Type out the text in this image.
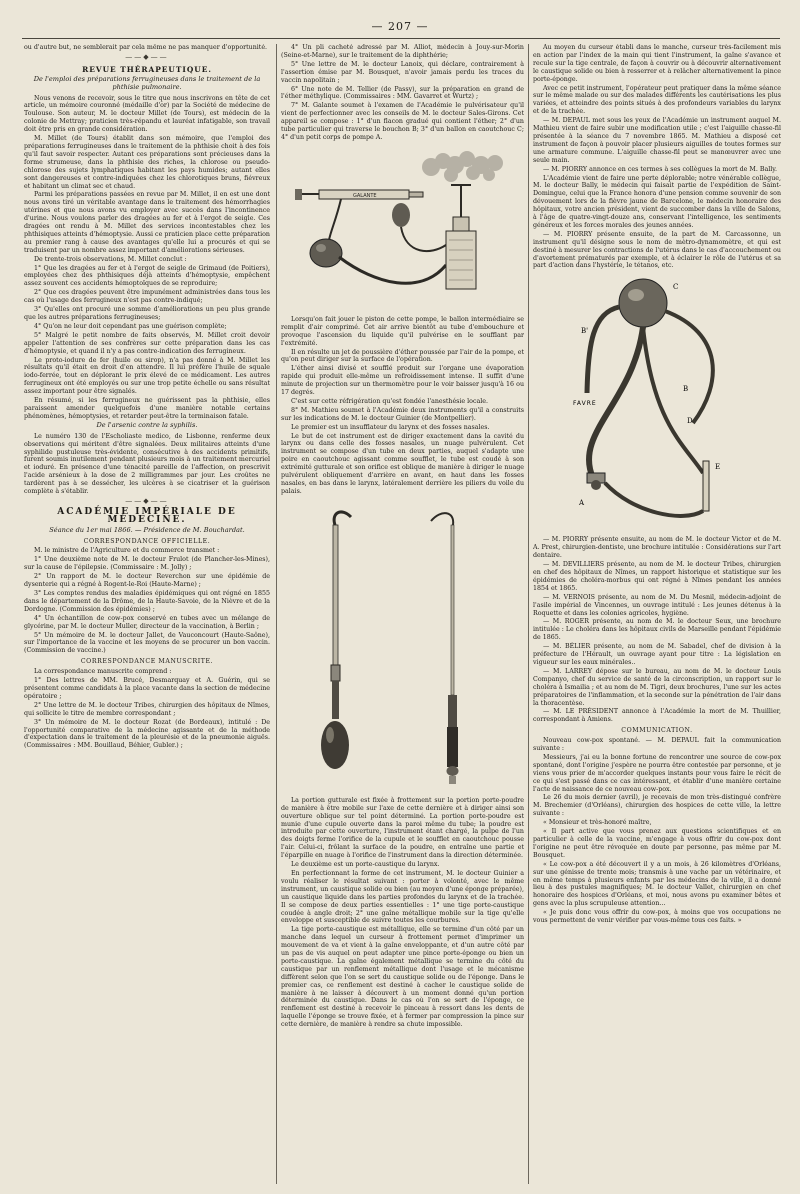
— 207 —

ou d'autre but, ne semblerait par cela même ne pas manquer d'opportunité.

——◆——
REVUE THÉRAPEUTIQUE.
De l'emploi des préparations ferrugineuses dans le traitement de la phthisie pulmonaire.

Nous venons de recevoir, sous le titre que nous inscrivons en tête de cet article, un mémoire couronné (médaille d'or) par la Société de médecine de Toulouse. Son auteur, M. le docteur Millet (de Tours), est médecin de la colonie de Mettray; praticien très-répandu et lauréat infatigable, son travail doit être pris en grande considération.

M. Millet (de Tours) établit dans son mémoire, que l'emploi des préparations ferrugineuses dans le traitement de la phthisie choit à des fois qu'il faut savoir respecter. Autant ces préparations sont précieuses dans la forme strumeuse, dans la phthisie des riches, la chlorose ou pseudo-chlorose des sujets lymphatiques habitant les pays humides; autant elles sont dangereuses et contre-indiquées chez les chlorotiques bruns, fiévreux et habitant un climat sec et chaud.

Parmi les préparations passées en revue par M. Millet, il en est une dont nous avons tiré un véritable avantage dans le traitement des hémorrhagies utérines et que nous avons vu employer avec succès dans l'incontinence d'urine. Nous voulons parler des dragées au fer et à l'ergot de seigle. Ces dragées ont rendu à M. Millet des services incontestables chez les phthisiques atteints d'hémoptysie. Aussi ce praticien place cette préparation au premier rang à cause des avantages qu'elle lui a procurés et qui se traduisent par un nombre assez important d'améliorations sérieuses.

De trente-trois observations, M. Millet conclut :

1° Que les dragées au fer et à l'ergot de seigle de Grimaud (de Poitiers), employées chez des phthisiques déjà atteints d'hémoptysie, empêchent assez souvent ces accidents hémoptoïques de se reproduire;

2° Que ces dragées peuvent être impunément administrées dans tous les cas où l'usage des ferrugineux n'est pas contre-indiqué;

3° Qu'elles ont procuré une somme d'améliorations un peu plus grande que les autres préparations ferrugineuses;

4° Qu'on ne leur doit cependant pas une guérison complète;

5° Malgré le petit nombre de faits observés, M. Millet croit devoir appeler l'attention de ses confrères sur cette préparation dans les cas d'hémoptysie, et quand il n'y a pas contre-indication des ferrugineux.

Le proto-iodure de fer (huile ou sirop), n'a pas donné à M. Millet les résultats qu'il était en droit d'en attendre. Il lui préfère l'huile de squale iodo-ferrée, tout en déplorant le prix élevé de ce médicament. Les autres ferrugineux ont été employés ou sur une trop petite échelle ou sans résultat assez important pour être signalés.

En résumé, si les ferrugineux ne guérissent pas la phthisie, elles paraissent amender quelquefois d'une manière notable certains phénomènes, hémoptysies, et retarder peut-être la terminaison fatale.

De l'arsenic contre la syphilis.

Le numéro 130 de l'Escholiaste medico, de Lisbonne, renferme deux observations qui méritent d'être signalées. Deux militaires atteints d'une syphilide pustuleuse très-évidente, consécutive à des accidents primitifs, furent soumis inutilement pendant plusieurs mois à un traitement mercuriel et ioduré. En présence d'une ténacité pareille de l'affection, on prescrivit l'acide arsénieux à la dose de 2 milligrammes par jour. Les croûtes ne tardèrent pas à se dessécher, les ulcères à se cicatriser et la guérison complète à s'établir.

——◆——
ACADÉMIE IMPÉRIALE DE MÉDECINE.
Séance du 1er mai 1866. — Présidence de M. Bouchardat.
CORRESPONDANCE OFFICIELLE.

M. le ministre de l'Agriculture et du commerce transmet :

1° Une deuxième note de M. le docteur Frulot (de Plancher-les-Mines), sur la cause de l'épilepsie. (Commissaire : M. Jolly) ;

2° Un rapport de M. le docteur Reverchon sur une épidémie de dysenterie qui a régné à Rogent-le-Roi (Haute-Marne) ;

3° Les comptes rendus des maladies épidémiques qui ont régné en 1855 dans le département de la Drôme, de la Haute-Savoie, de la Nièvre et de la Dordogne. (Commission des épidémies) ;

4° Un échantillon de cow-pox conservé en tubes avec un mélange de glycérine, par M. le docteur Muller, directeur de la vaccination, à Berlin ;

5° Un mémoire de M. le docteur Jallet, de Vauconcourt (Haute-Saône), sur l'importance de la vaccine et les moyens de se procurer un bon vaccin. (Commission de vaccine.)

CORRESPONDANCE MANUSCRITE.

La correspondance manuscrite comprend :

1° Des lettres de MM. Brucé, Desmarquay et A. Guérin, qui se présentent comme candidats à la place vacante dans la section de médecine opératoire ;

2° Une lettre de M. le docteur Tribes, chirurgien des hôpitaux de Nîmes, qui sollicite le titre de membre correspondant ;

3° Un mémoire de M. le docteur Rozat (de Bordeaux), intitulé : De l'opportunité comparative de la médecine agissante et de la méthode d'expectation dans le traitement de la pleurésie et de la pneumonie aiguës. (Commissaires : MM. Bouillaud, Béhier, Gubler.) ;

4° Un pli cacheté adressé par M. Alliot, médecin à Jouy-sur-Morin (Seine-et-Marne), sur le traitement de la diphthérie;

5° Une lettre de M. le docteur Lanoix, qui déclare, contrairement à l'assertion émise par M. Bousquet, n'avoir jamais perdu les traces du vaccin napolitain ;

6° Une note de M. Tellier (de Passy), sur la préparation en grand de l'éther méthylique. (Commissaires : MM. Gavarret et Wurtz) ;

7° M. Galante soumet à l'examen de l'Académie le pulvérisateur qu'il vient de perfectionner avec les conseils de M. le docteur Sales-Girons. Cet appareil se compose : 1° d'un flacon gradué qui contient l'éther; 2° d'un tube particulier qui traverse le bouchon B; 3° d'un ballon en caoutchouc C; 4° d'un petit corps de pompe A.

GALANTE

Lorsqu'on fait jouer le piston de cette pompe, le ballon intermédiaire se remplit d'air comprimé. Cet air arrive bientôt au tube d'embouchure et provoque l'ascension du liquide qu'il pulvérise en le soufflant par l'extrémité.

Il en résulte un jet de poussière d'éther poussée par l'air de la pompe, et qu'on peut diriger sur la surface de l'opération.

L'éther ainsi divisé et soufflé produit sur l'organe une évaporation rapide qui produit elle-même un refroidissement intense. Il suffit d'une minute de projection sur un thermomètre pour le voir baisser jusqu'à 16 ou 17 degrés.

C'est sur cette réfrigération qu'est fondée l'anesthésie locale.

8° M. Mathieu soumet à l'Académie deux instruments qu'il a construits sur les indications de M. le docteur Guinier (de Montpellier).

Le premier est un insufflateur du larynx et des fosses nasales.

Le but de cet instrument est de diriger exactement dans la cavité du larynx ou dans celle des fosses nasales, un nuage pulvérulent. Cet instrument se compose d'un tube en deux parties, auquel s'adapte une poire en caoutchouc agissant comme soufflet, le tube est coudé à son extrémité gutturale et son orifice est oblique de manière à diriger le nuage pulvérulent obliquement d'arrière en avant, en haut dans les fosses nasales, en bas dans le larynx, latéralement derrière les piliers du voile du palais.

La portion gutturale est fixée à frottement sur la portion porte-poudre de manière à être mobile sur l'axe de cette dernière et à diriger ainsi son ouverture oblique sur tel point déterminé. La portion porte-poudre est munie d'une cupule ouverte dans la paroi même du tube; la poudre est introduite par cette ouverture, l'instrument étant chargé, la pulpe de l'un des doigts ferme l'orifice de la cupule et le soufflet en caoutchouc pousse l'air. Celui-ci, frôlant la surface de la poudre, en entraîne une partie et l'éparpille en nuage à l'orifice de l'instrument dans la direction déterminée.

Le deuxième est un porte-caustique du larynx.

En perfectionnant la forme de cet instrument, M. le docteur Guinier a voulu réaliser le résultat suivant : porter à volonté, avec le même instrument, un caustique solide ou bien (au moyen d'une éponge préparée), un caustique liquide dans les parties profondes du larynx et de la trachée. Il se compose de deux parties essentielles : 1° une tige porte-caustique coudée à angle droit; 2° une gaîne métallique mobile sur la tige qu'elle enveloppe et susceptible de suivre toutes les courbures.

La tige porte-caustique est métallique, elle se termine d'un côté par un manche dans lequel un curseur à frottement permet d'imprimer un mouvement de va et vient à la gaîne enveloppante, et d'un autre côté par un pas de vis auquel on peut adapter une pince porte-éponge ou bien un porte-caustique. La gaîne également métallique se termine du côté du caustique par un renflement métallique dont l'usage et le mécanisme diffèrent selon que l'on se sert du caustique solide ou de l'éponge. Dans le premier cas, ce renflement est destiné à cacher le caustique solide de manière à ne laisser à découvert à un moment donné qu'un portion déterminée du caustique. Dans le cas où l'on se sert de l'éponge, ce renflement est destiné à recevoir le pinceau à ressort dans les dents de laquelle l'éponge se trouve fixée, et à fermer par compression la pince sur cette dernière, de manière à rendre sa chute impossible.

Au moyen du curseur établi dans le manche, curseur très-facilement mis en action par l'index de la main qui tient l'instrument, la gaîne s'avance et recule sur la tige centrale, de façon à couvrir ou à découvrir alternativement le caustique solide ou bien à resserrer et à relâcher alternativement la pince porte-éponge.

Avec ce petit instrument, l'opérateur peut pratiquer dans la même séance sur le même malade ou sur des malades différents les cautérisations les plus variées, et atteindre des points situés à des profondeurs variables du larynx et de la trachée.

— M. DEPAUL met sous les yeux de l'Académie un instrument auquel M. Mathieu vient de faire subir une modification utile ; c'est l'aiguille chasse-fil présentée à la séance du 7 novembre 1865. M. Mathieu a disposé cet instrument de façon à pouvoir placer plusieurs aiguilles de toutes formes sur une armature commune. L'aiguille chasse-fil peut se manœuvrer avec une seule main.

— M. PIORRY annonce en ces termes à ses collègues la mort de M. Bally.

L'Académie vient de faire une perte déplorable; notre vénérable collègue, M. le docteur Bally, le médecin qui faisait partie de l'expédition de Saint-Domingue, celui que la France honora d'une pension comme souvenir de son dévouement lors de la fièvre jaune de Barcelone, le médecin honoraire des hôpitaux, votre ancien président, vient de succomber dans la ville de Salons, à l'âge de quatre-vingt-douze ans, conservant l'intelligence, les sentiments généreux et les forces morales des jeunes années.

— M. PIORRY présente ensuite, de la part de M. Carcassonne, un instrument qu'il désigne sous le nom de mètro-dynamomètre, et qui est destiné à mesurer les contractions de l'utérus dans le cas d'accouchement ou d'avortement prématurés par exemple, et à éclairer le rôle de l'utérus et sa part d'action dans l'hystérie, le tétanos, etc.

C
B'
FAVRE
B
D
E
A

— M. PIORRY présente ensuite, au nom de M. le docteur Victor et de M. A. Prest, chirurgien-dentiste, une brochure intitulée : Considérations sur l'art dentaire.

— M. DEVILLIERS présente, au nom de M. le docteur Tribes, chirurgien en chef des hôpitaux de Nîmes, un rapport historique et statistique sur les épidémies de choléra-morbus qui ont régné à Nîmes pendant les années 1854 et 1865.

— M. VERNOIS présente, au nom de M. Du Mesnil, médecin-adjoint de l'asile impérial de Vincennes, un ouvrage intitulé : Les jeunes détenus à la Roquette et dans les colonies agricoles, hygiène.

— M. ROGER présente, au nom de M. le docteur Seux, une brochure intitulée : Le choléra dans les hôpitaux civils de Marseille pendant l'épidémie de 1865.

— M. BÉLIER présente, au nom de M. Sabadel, chef de division à la préfecture de l'Hérault, un ouvrage ayant pour titre : La législation en vigueur sur les eaux minérales..

— M. LARREY dépose sur le bureau, au nom de M. le docteur Louis Companyo, chef du service de santé de la circonscription, un rapport sur le choléra à Ismailia ; et au nom de M. Tigri, deux brochures, l'une sur les actes préparatoires de l'inflammation, et la seconde sur la pénétration de l'air dans la thoracentèse.

— M. LE PRÉSIDENT annonce à l'Académie la mort de M. Thuillier, correspondant à Amiens.

COMMUNICATION.

Nouveau cow-pox spontané. — M. DEPAUL fait la communication suivante :

Messieurs, j'ai eu la bonne fortune de rencontrer une source de cow-pox spontané, dont l'origine j'espère ne pourra être contestée par personne, et je viens vous prier de m'accorder quelques instants pour vous faire le récit de ce qui s'est passé dans ce cas intéressant, et établir d'une manière certaine l'acte de naissance de ce nouveau cow-pox.

Le 26 du mois dernier (avril), je recevais de mon très-distingué confrère M. Brechemier (d'Orléans), chirurgien des hospices de cette ville, la lettre suivante :

« Monsieur et très-honoré maître,

« Il part active que vous prenez aux questions scientifiques et en particulier à celle de la vaccine, m'engage à vous offrir du cow-pox dont l'origine ne peut être révoquée en doute par personne, pas même par M. Bousquet.

« Le cow-pox a été découvert il y a un mois, à 26 kilomètres d'Orléans, sur une génisse de trente mois; transmis à une vache par un vétérinaire, et en même temps à plusieurs enfants par les médecins de la ville, il a donné lieu à des pustules magnifiques; M. le docteur Vallet, chirurgien en chef honoraire des hospices d'Orléans, et moi, nous avons pu examiner bêtes et gens avec la plus scrupuleuse attention...

« Je puis donc vous offrir du cow-pox, à moins que vos occupations ne vous permettent de venir vérifier par vous-même tous ces faits. »
